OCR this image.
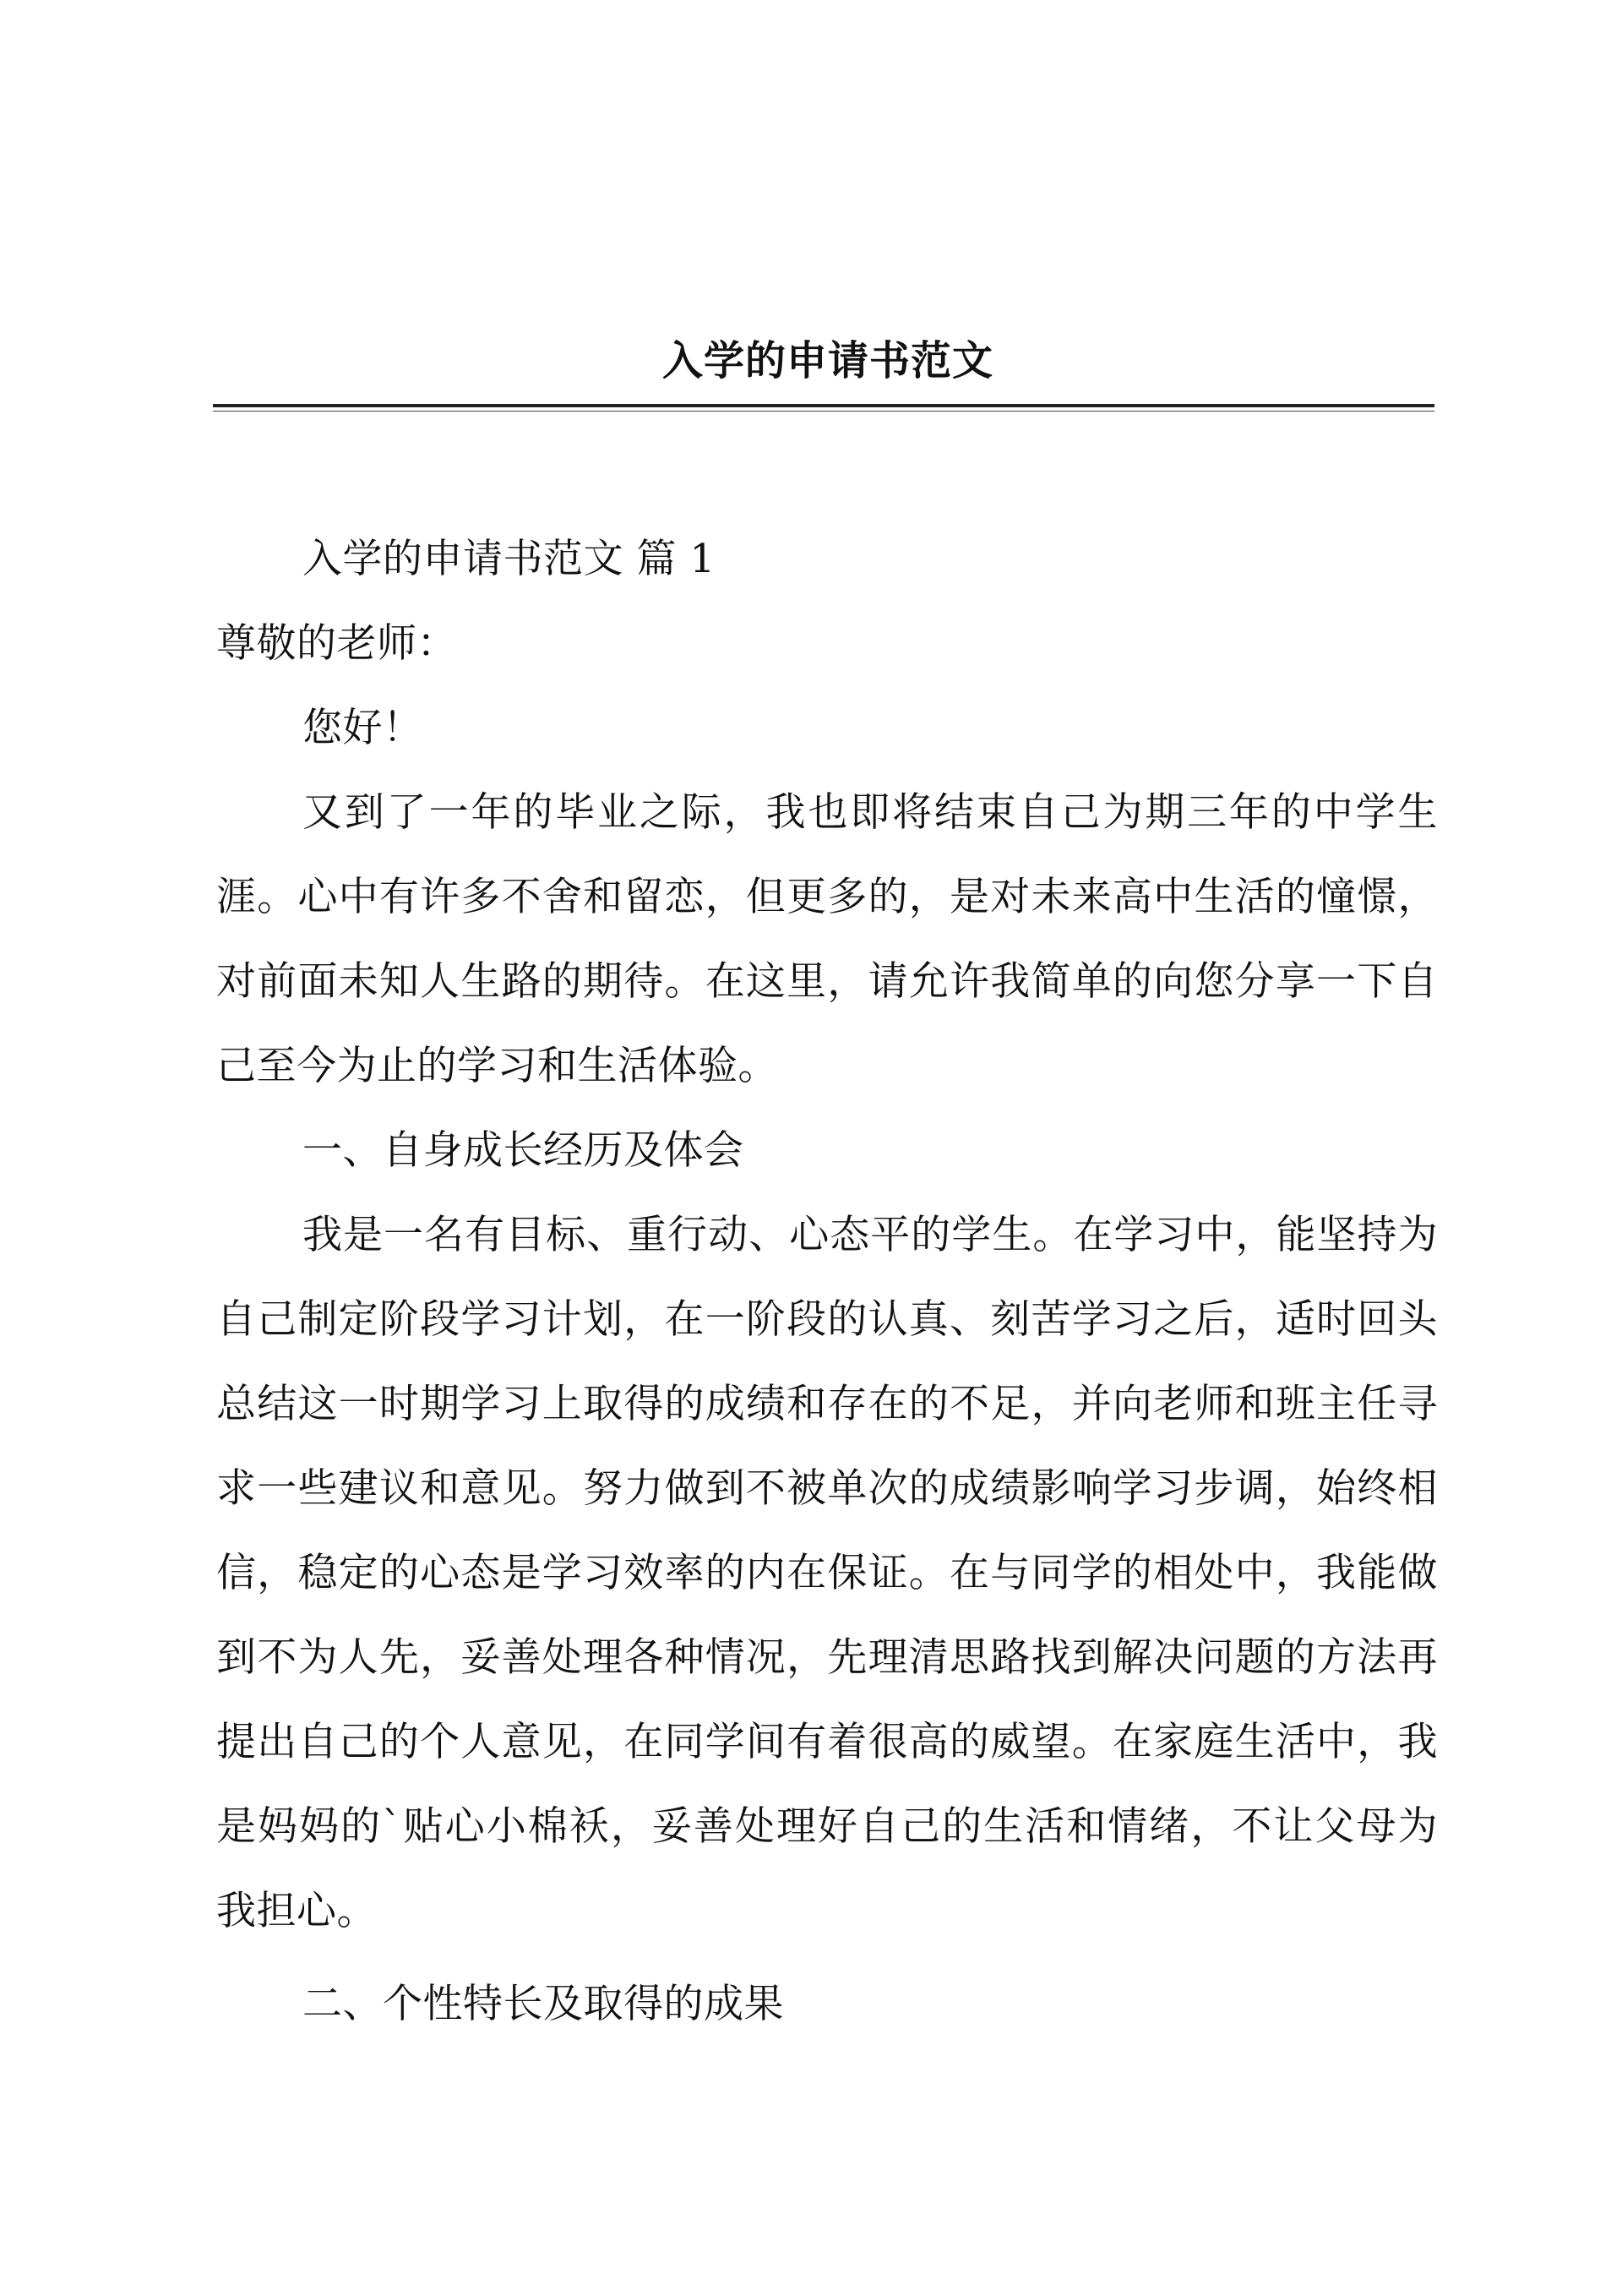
入学的申请书范文

入学的申请书范文 篇 1

尊敬的老师：

您好！

又到了一年的毕业之际，我也即将结束自己为期三年的中学生涯。心中有许多不舍和留恋，但更多的，是对未来高中生活的憧憬，对前面未知人生路的期待。在这里，请允许我简单的向您分享一下自己至今为止的学习和生活体验。

一、自身成长经历及体会

我是一名有目标、重行动、心态平的学生。在学习中，能坚持为自己制定阶段学习计划，在一阶段的认真、刻苦学习之后，适时回头总结这一时期学习上取得的成绩和存在的不足，并向老师和班主任寻求一些建议和意见。努力做到不被单次的成绩影响学习步调，始终相信，稳定的心态是学习效率的内在保证。在与同学的相处中，我能做到不为人先，妥善处理各种情况，先理清思路找到解决问题的方法再提出自己的个人意见，在同学间有着很高的威望。在家庭生活中，我是妈妈的`贴心小棉袄，妥善处理好自己的生活和情绪，不让父母为我担心。

二、个性特长及取得的成果
